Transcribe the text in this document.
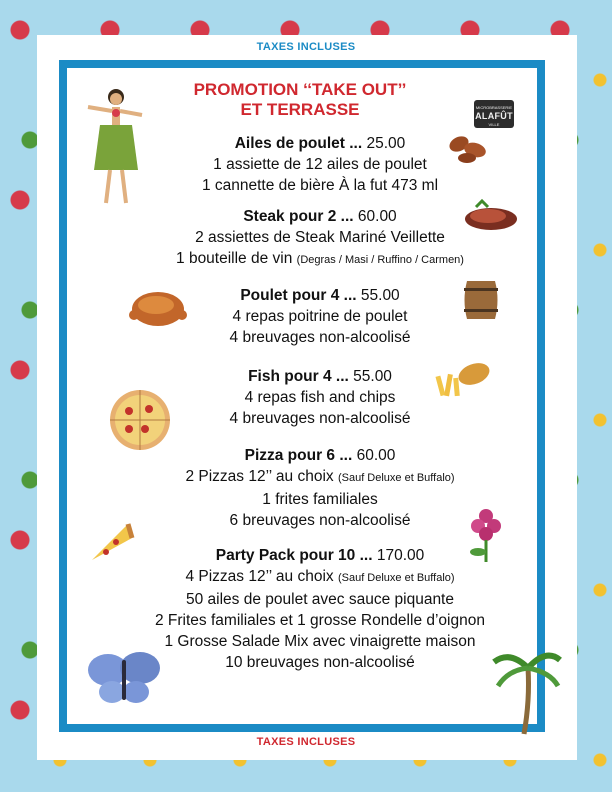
TAXES INCLUSES
TAXES INCLUSES
PROMOTION ‘‘TAKE OUT’’
ET TERRASSE	MICROBRASSERIE
ALAFÛT
VILLE
Ailes de poulet ... 25.00
1 assiette de 12 ailes de poulet
1 cannette de bière À la fut 473 ml
Steak pour 2 ... 60.00
2 assiettes de Steak Mariné Veillette
1 bouteille de vin (Degras / Masi / Ruffino / Carmen)
Poulet pour 4 ... 55.00
4 repas poitrine de poulet
4 breuvages non-alcoolisé
Fish pour 4 ... 55.00
4 repas fish and chips
4 breuvages non-alcoolisé
Pizza pour 6 ... 60.00
2 Pizzas 12’’ au choix (Sauf Deluxe et Buffalo)
1 frites familiales
6 breuvages non-alcoolisé
Party Pack pour 10 ... 170.00
4 Pizzas 12’’ au choix (Sauf Deluxe et Buffalo)
50 ailes de poulet avec sauce piquante
2 Frites familiales et 1 grosse Rondelle d’oignon
1 Grosse Salade Mix avec vinaigrette maison
10 breuvages non-alcoolisé
